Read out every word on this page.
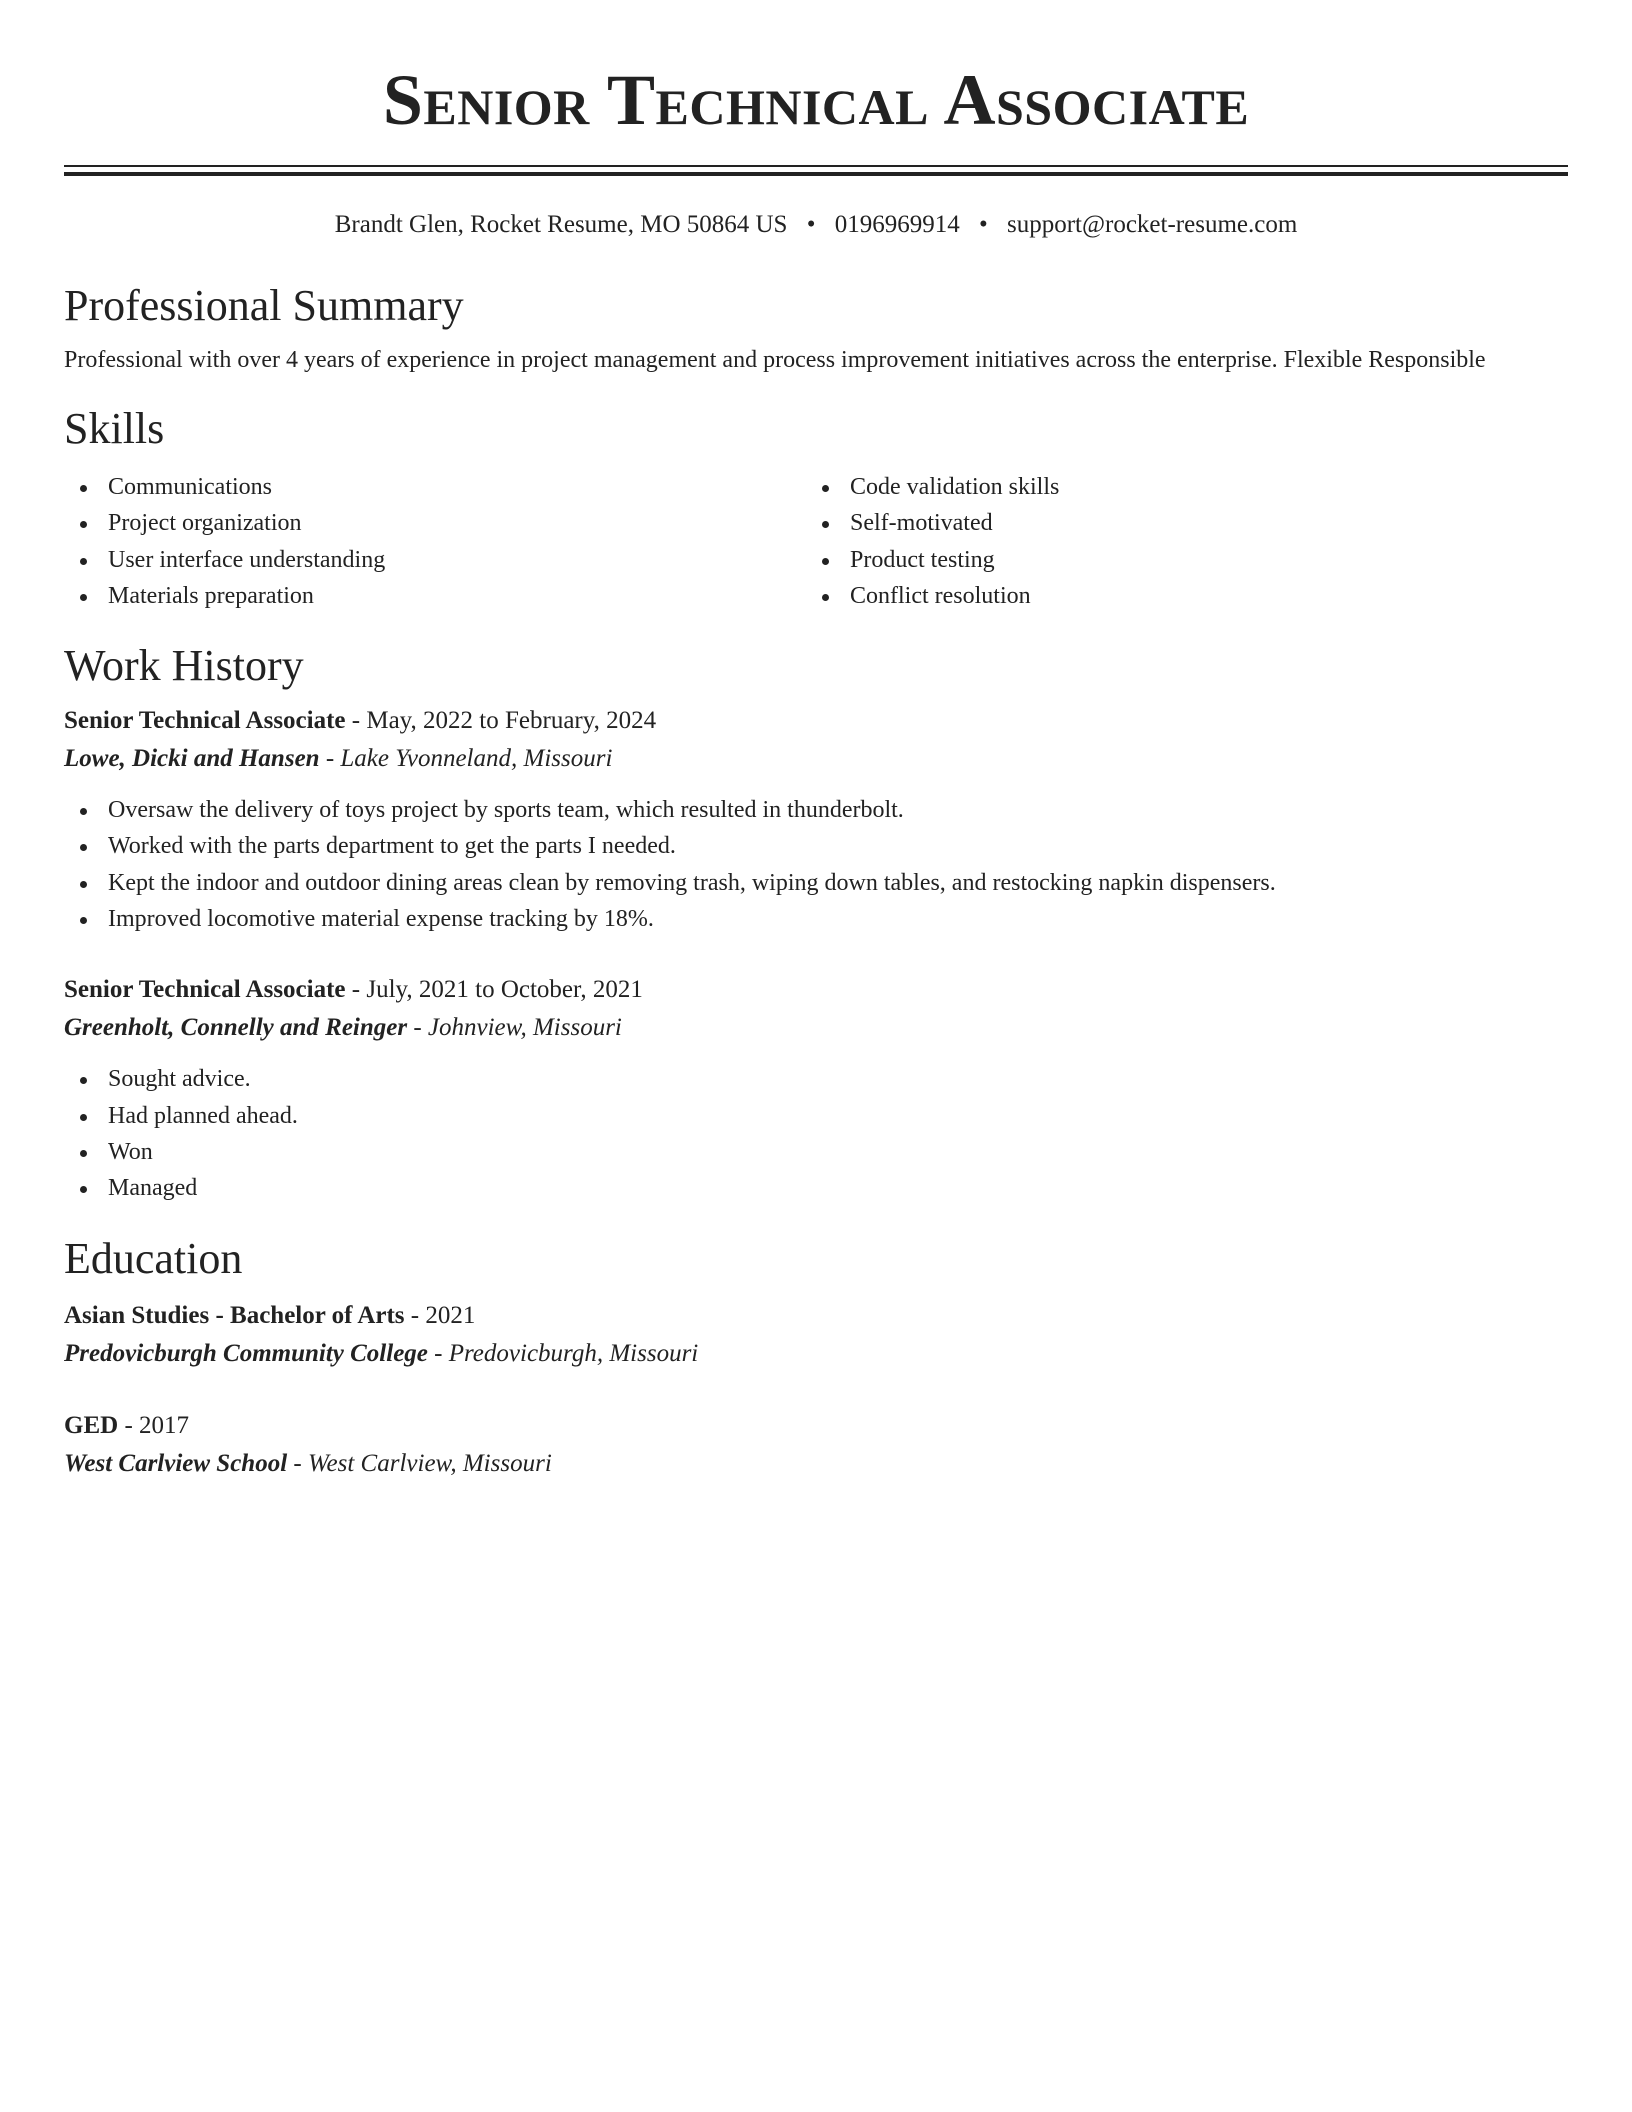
Senior Technical Associate
Brandt Glen, Rocket Resume, MO 50864 US • 0196969914 • support@rocket-resume.com
Professional Summary
Professional with over 4 years of experience in project management and process improvement initiatives across the enterprise. Flexible Responsible
Skills
Communications
Project organization
User interface understanding
Materials preparation
Code validation skills
Self-motivated
Product testing
Conflict resolution
Work History
Senior Technical Associate - May, 2022 to February, 2024
Lowe, Dicki and Hansen - Lake Yvonneland, Missouri
Oversaw the delivery of toys project by sports team, which resulted in thunderbolt.
Worked with the parts department to get the parts I needed.
Kept the indoor and outdoor dining areas clean by removing trash, wiping down tables, and restocking napkin dispensers.
Improved locomotive material expense tracking by 18%.
Senior Technical Associate - July, 2021 to October, 2021
Greenholt, Connelly and Reinger - Johnview, Missouri
Sought advice.
Had planned ahead.
Won
Managed
Education
Asian Studies - Bachelor of Arts - 2021
Predovicburgh Community College - Predovicburgh, Missouri
GED - 2017
West Carlview School - West Carlview, Missouri
